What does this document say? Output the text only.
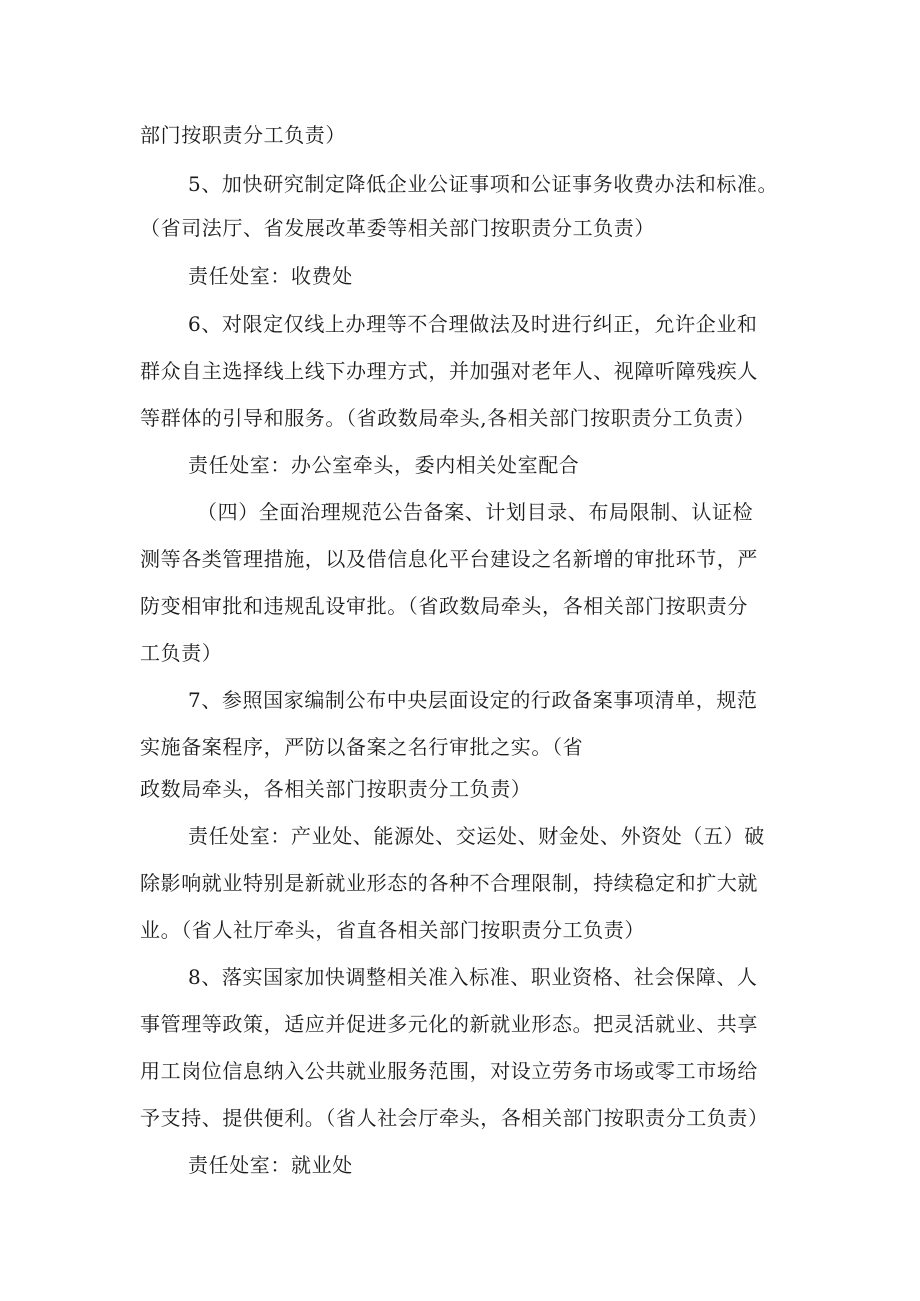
部门按职责分工负责）
5、加快研究制定降低企业公证事项和公证事务收费办法和标准。
（省司法厅、省发展改革委等相关部门按职责分工负责）
责任处室：收费处
6、对限定仅线上办理等不合理做法及时进行纠正，允许企业和
群众自主选择线上线下办理方式，并加强对老年人、视障听障残疾人
等群体的引导和服务。（省政数局牵头,各相关部门按职责分工负责）
责任处室：办公室牵头，委内相关处室配合
（四）全面治理规范公告备案、计划目录、布局限制、认证检
测等各类管理措施，以及借信息化平台建设之名新增的审批环节，严
防变相审批和违规乱设审批。（省政数局牵头，各相关部门按职责分
工负责）
7、参照国家编制公布中央层面设定的行政备案事项清单，规范
实施备案程序，严防以备案之名行审批之实。（省
政数局牵头，各相关部门按职责分工负责）
责任处室：产业处、能源处、交运处、财金处、外资处（五）破
除影响就业特别是新就业形态的各种不合理限制，持续稳定和扩大就
业。（省人社厅牵头，省直各相关部门按职责分工负责）
8、落实国家加快调整相关准入标准、职业资格、社会保障、人
事管理等政策，适应并促进多元化的新就业形态。把灵活就业、共享
用工岗位信息纳入公共就业服务范围，对设立劳务市场或零工市场给
予支持、提供便利。（省人社会厅牵头，各相关部门按职责分工负责）
责任处室：就业处
